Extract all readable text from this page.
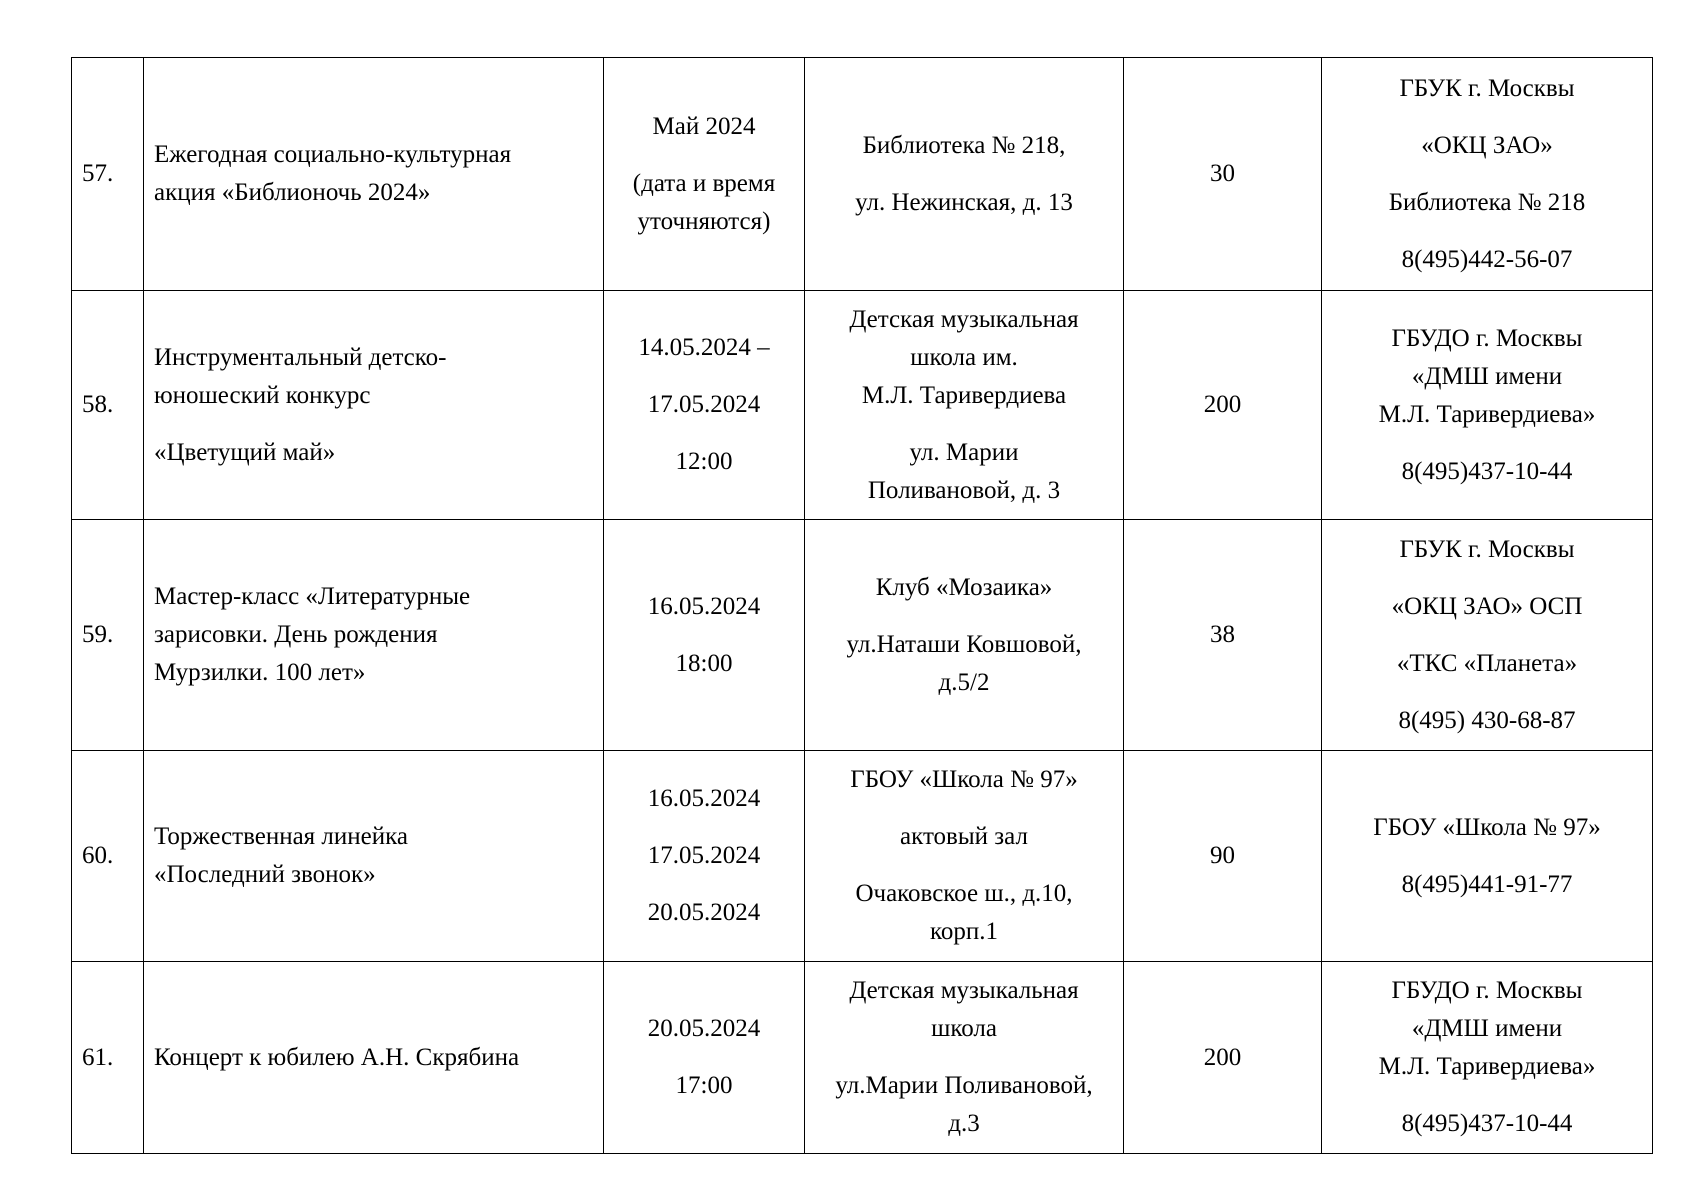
57.	Ежегодная социально-культурная
акция «Библионочь 2024»	Май 2024
(дата и время
уточняются)	Библиотека № 218,
ул. Нежинская, д. 13	30	ГБУК г. Москвы
«ОКЦ ЗАО»
Библиотека № 218
8(495)442-56-07

58.	Инструментальный детско-
юношеский конкурс
«Цветущий май»	14.05.2024 –
17.05.2024
12:00	Детская музыкальная
школа им.
М.Л. Таривердиева
ул. Марии
Поливановой, д. 3	200	ГБУДО г. Москвы
«ДМШ имени
М.Л. Таривердиева»
8(495)437-10-44

59.	Мастер-класс «Литературные
зарисовки. День рождения
Мурзилки. 100 лет»	16.05.2024
18:00	Клуб «Мозаика»
ул.Наташи Ковшовой,
д.5/2	38	ГБУК г. Москвы
«ОКЦ ЗАО» ОСП
«ТКС «Планета»
8(495) 430-68-87

60.	Торжественная линейка
«Последний звонок»	16.05.2024
17.05.2024
20.05.2024	ГБОУ «Школа № 97»
актовый зал
Очаковское ш., д.10,
корп.1	90	ГБОУ «Школа № 97»
8(495)441-91-77

61.	Концерт к юбилею А.Н. Скрябина	20.05.2024
17:00	Детская музыкальная
школа
ул.Марии Поливановой,
д.3	200	ГБУДО г. Москвы
«ДМШ имени
М.Л. Таривердиева»
8(495)437-10-44
